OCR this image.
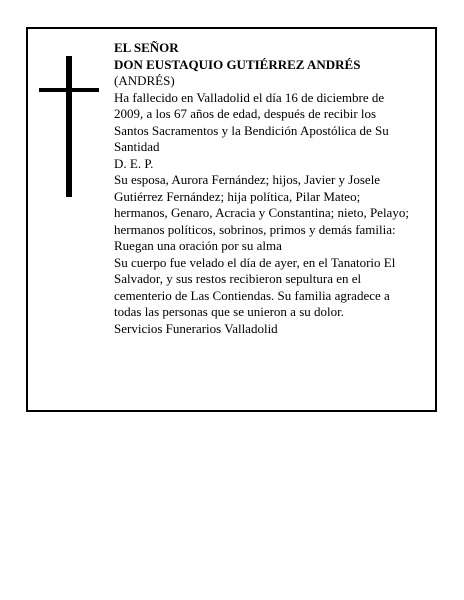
EL SEÑOR

DON EUSTAQUIO GUTIÉRREZ ANDRÉS

(ANDRÉS)

Ha fallecido en Valladolid el día 16 de diciembre de 2009, a los 67 años de edad, después de recibir los Santos Sacramentos y la Bendición Apostólica de Su Santidad

D. E. P.

Su esposa, Aurora Fernández; hijos, Javier y Josele Gutiérrez Fernández; hija política, Pilar Mateo; hermanos, Genaro, Acracia y Constantina; nieto, Pelayo; hermanos políticos, sobrinos, primos y demás familia:

Ruegan una oración por su alma

Su cuerpo fue velado el día de ayer, en el Tanatorio El Salvador, y sus restos recibieron sepultura en el cementerio de Las Contiendas. Su familia agradece a todas las personas que se unieron a su dolor.

Servicios Funerarios Valladolid
